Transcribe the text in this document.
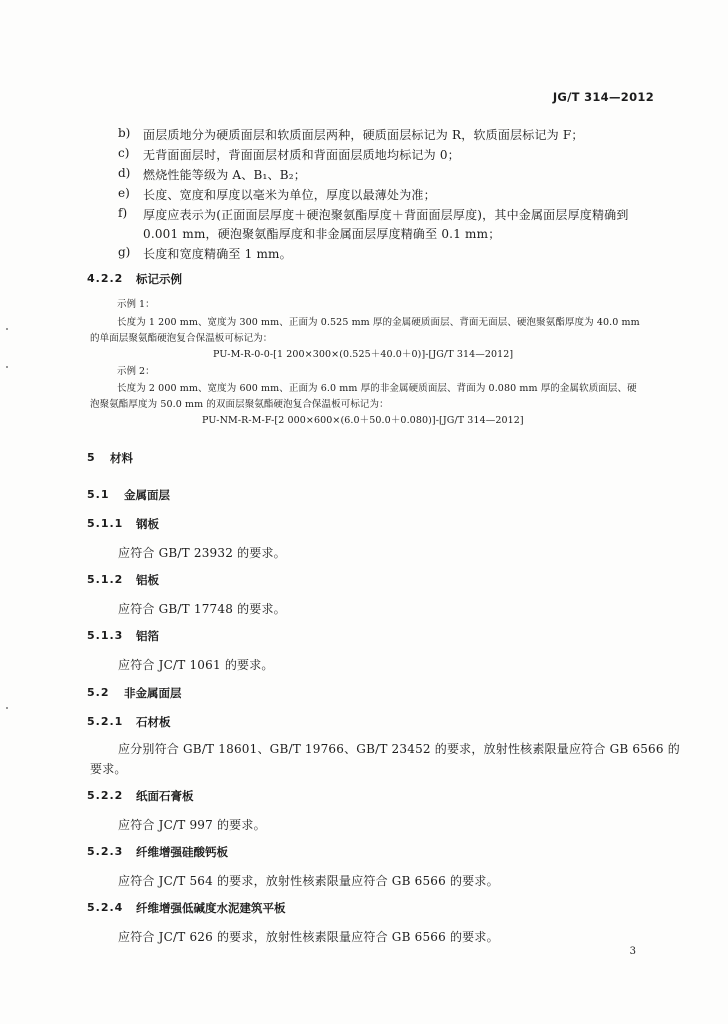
JG/T 314—2012
b) 面层质地分为硬质面层和软质面层两种，硬质面层标记为 R，软质面层标记为 F；
c) 无背面面层时，背面面层材质和背面面层质地均标记为 0；
d) 燃烧性能等级为 A、B₁、B₂；
e) 长度、宽度和厚度以毫米为单位，厚度以最薄处为准；
f) 厚度应表示为(正面面层厚度＋硬泡聚氨酯厚度＋背面面层厚度)，其中金属面层厚度精确到
0.001 mm，硬泡聚氨酯厚度和非金属面层厚度精确至 0.1 mm；
g) 长度和宽度精确至 1 mm。
4.2.2 标记示例
示例 1：
长度为 1 200 mm、宽度为 300 mm、正面为 0.525 mm 厚的金属硬质面层、背面无面层、硬泡聚氨酯厚度为 40.0 mm
的单面层聚氨酯硬泡复合保温板可标记为：
PU-M-R-0-0-[1 200×300×(0.525＋40.0＋0)]-[JG/T 314—2012]
示例 2：
长度为 2 000 mm、宽度为 600 mm、正面为 6.0 mm 厚的非金属硬质面层、背面为 0.080 mm 厚的金属软质面层、硬
泡聚氨酯厚度为 50.0 mm 的双面层聚氨酯硬泡复合保温板可标记为：
PU-NM-R-M-F-[2 000×600×(6.0＋50.0＋0.080)]-[JG/T 314—2012]
5 材料
5.1 金属面层
5.1.1 钢板
应符合 GB/T 23932 的要求。
5.1.2 铝板
应符合 GB/T 17748 的要求。
5.1.3 铝箔
应符合 JC/T 1061 的要求。
5.2 非金属面层
5.2.1 石材板
应分别符合 GB/T 18601、GB/T 19766、GB/T 23452 的要求，放射性核素限量应符合 GB 6566 的
要求。
5.2.2 纸面石膏板
应符合 JC/T 997 的要求。
5.2.3 纤维增强硅酸钙板
应符合 JC/T 564 的要求，放射性核素限量应符合 GB 6566 的要求。
5.2.4 纤维增强低碱度水泥建筑平板
应符合 JC/T 626 的要求，放射性核素限量应符合 GB 6566 的要求。
3
